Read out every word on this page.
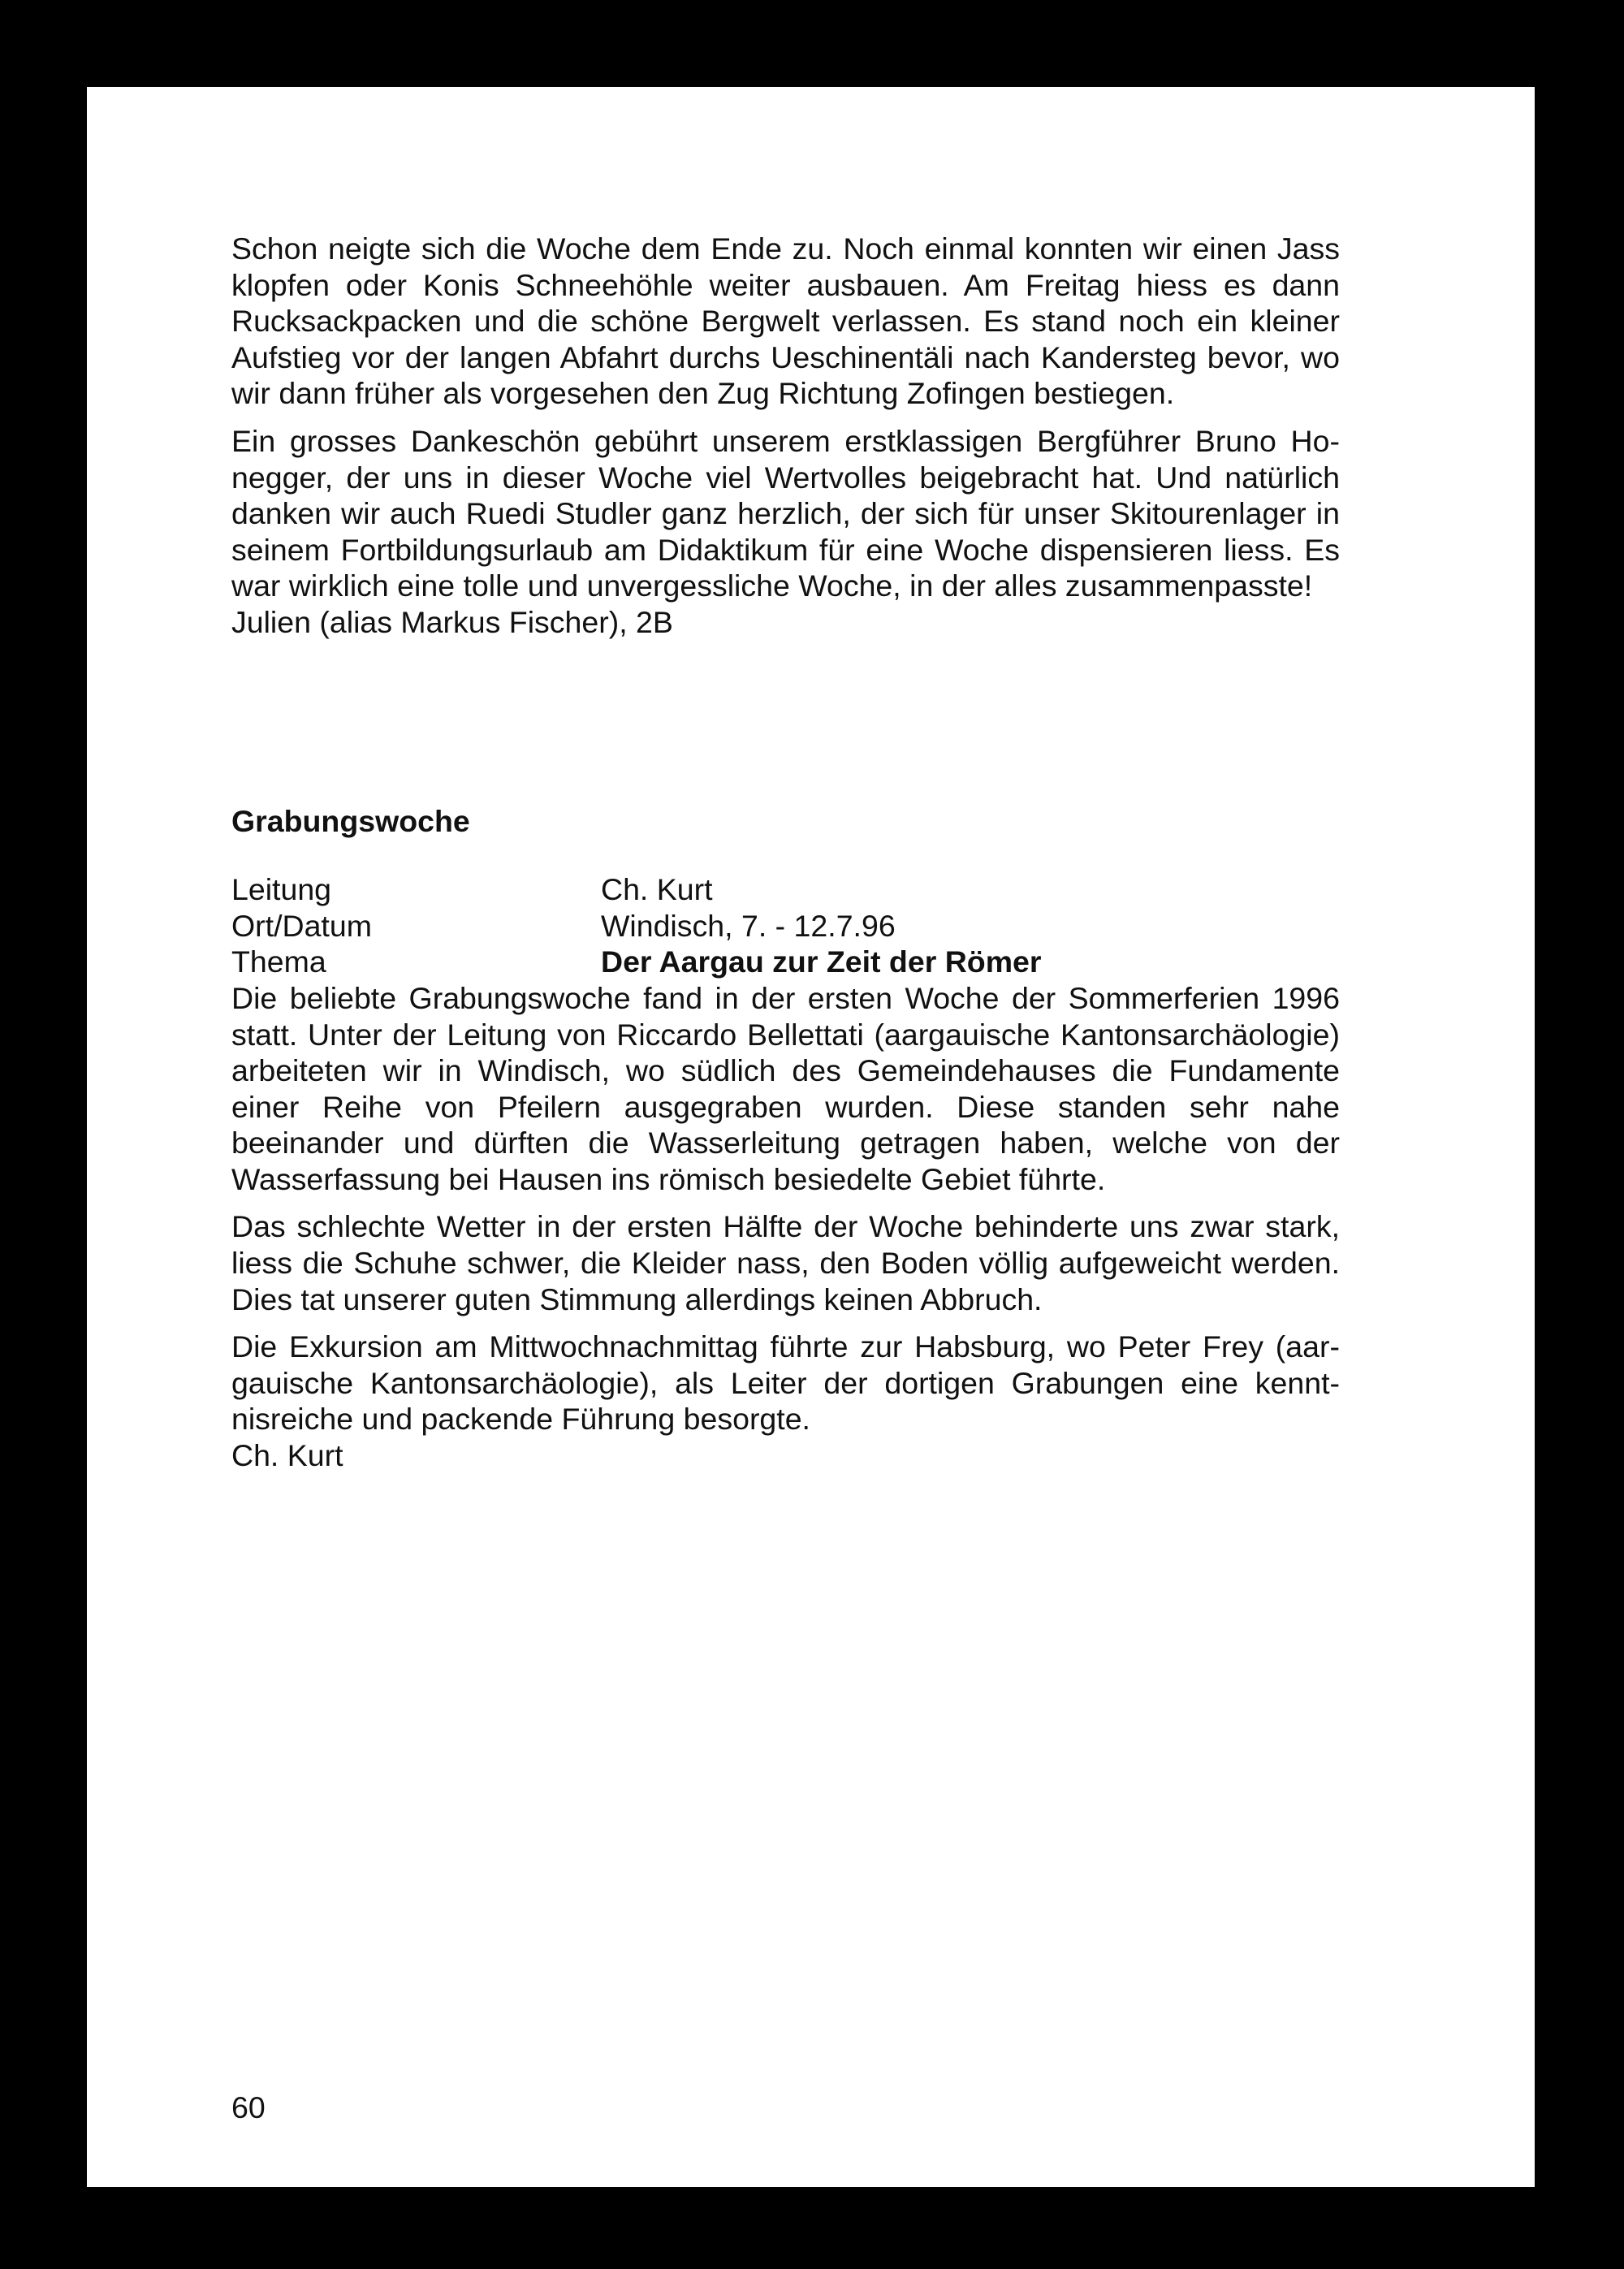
Schon neigte sich die Woche dem Ende zu. Noch einmal konnten wir einen Jass klopfen oder Konis Schneehöhle weiter ausbauen. Am Freitag hiess es dann Rucksackpacken und die schöne Bergwelt verlassen. Es stand noch ein kleiner Aufstieg vor der langen Abfahrt durchs Ueschinentäli nach Kandersteg bevor, wo wir dann früher als vorgesehen den Zug Richtung Zofingen bestiegen.

Ein grosses Dankeschön gebührt unserem erstklassigen Bergführer Bruno Honegger, der uns in dieser Woche viel Wertvolles beigebracht hat. Und natürlich danken wir auch Ruedi Studler ganz herzlich, der sich für unser Skitourenlager in seinem Fortbildungsurlaub am Didaktikum für eine Woche dispensieren liess. Es war wirklich eine tolle und unvergessliche Woche, in der alles zusammenpasste!

Julien (alias Markus Fischer), 2B

Grabungswoche
Leitung	Ch. Kurt
Ort/Datum	Windisch, 7. - 12.7.96
Thema	Der Aargau zur Zeit der Römer

Die beliebte Grabungswoche fand in der ersten Woche der Sommerferien 1996 statt. Unter der Leitung von Riccardo Bellettati (aargauische Kantonsarchäologie) arbeiteten wir in Windisch, wo südlich des Gemeindehauses die Fundamente einer Reihe von Pfeilern ausgegraben wurden. Diese standen sehr nahe beeinander und dürften die Wasserleitung getragen haben, welche von der Wasserfassung bei Hausen ins römisch besiedelte Gebiet führte.

Das schlechte Wetter in der ersten Hälfte der Woche behinderte uns zwar stark, liess die Schuhe schwer, die Kleider nass, den Boden völlig aufgeweicht werden. Dies tat unserer guten Stimmung allerdings keinen Abbruch.

Die Exkursion am Mittwochnachmittag führte zur Habsburg, wo Peter Frey (aargauische Kantonsarchäologie), als Leiter der dortigen Grabungen eine kenntnisreiche und packende Führung besorgte.

Ch. Kurt

60
